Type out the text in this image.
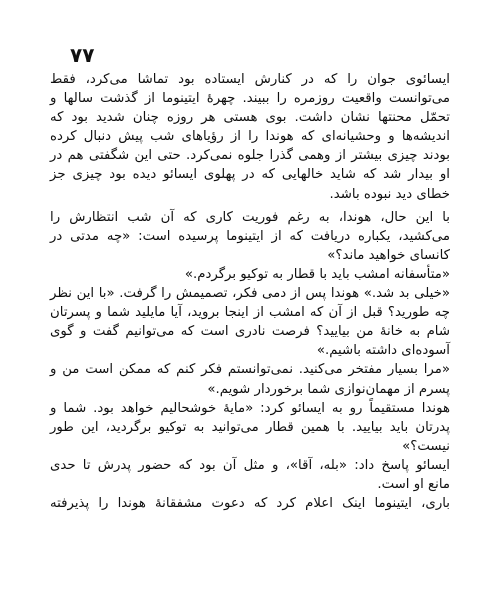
۷۷
ایسائوی جوان را که در کنارش ایستاده بود تماشا می‌کرد، فقط
می‌توانست واقعیت روزمره را ببیند. چهرهٔ ایتینوما از گذشت سالها و
تحمّل محنتها نشان داشت. بوی هستی هر روزه چنان شدید بود که
اندیشه‌ها و وحشیانه‌ای که هوندا را از رؤیاهای شب پیش دنبال کرده
بودند چیزی بیشتر از وهمی گذرا جلوه نمی‌کرد. حتی این شگفتی هم در
او بیدار شد که شاید خالهایی که در پهلوی ایسائو دیده بود چیزی جز
خطای دید نبوده باشد.
با این حال، هوندا، به رغم فوریت کاری که آن شب انتظارش را
می‌کشید، یکباره دریافت که از ایتینوما پرسیده است: «چه مدتی در
کانسای خواهید ماند؟»
«متأسفانه امشب باید با قطار به توکیو برگردم.»
«خیلی بد شد.» هوندا پس از دمی فکر، تصمیمش را گرفت. «با این نظر
چه طورید؟ قبل از آن که امشب از اینجا بروید، آیا مایلید شما و پسرتان
شام به خانهٔ من بیایید؟ فرصت نادری است که می‌توانیم گفت و گوی
آسوده‌ای داشته باشیم.»
«مرا بسیار مفتخر می‌کنید. نمی‌توانستم فکر کنم که ممکن است من و
پسرم از مهمان‌نوازی شما برخوردار شویم.»
هوندا مستقیماً رو به ایسائو کرد: «مایهٔ خوشحالیم خواهد بود. شما و
پدرتان باید بیایید. با همین قطار می‌توانید به توکیو برگردید، این طور
نیست؟»
ایسائو پاسخ داد: «بله، آقا»، و مثل آن بود که حضور پدرش تا حدی
مانع او است.
باری، ایتینوما اینک اعلام کرد که دعوت مشفقانهٔ هوندا را پذیرفته
